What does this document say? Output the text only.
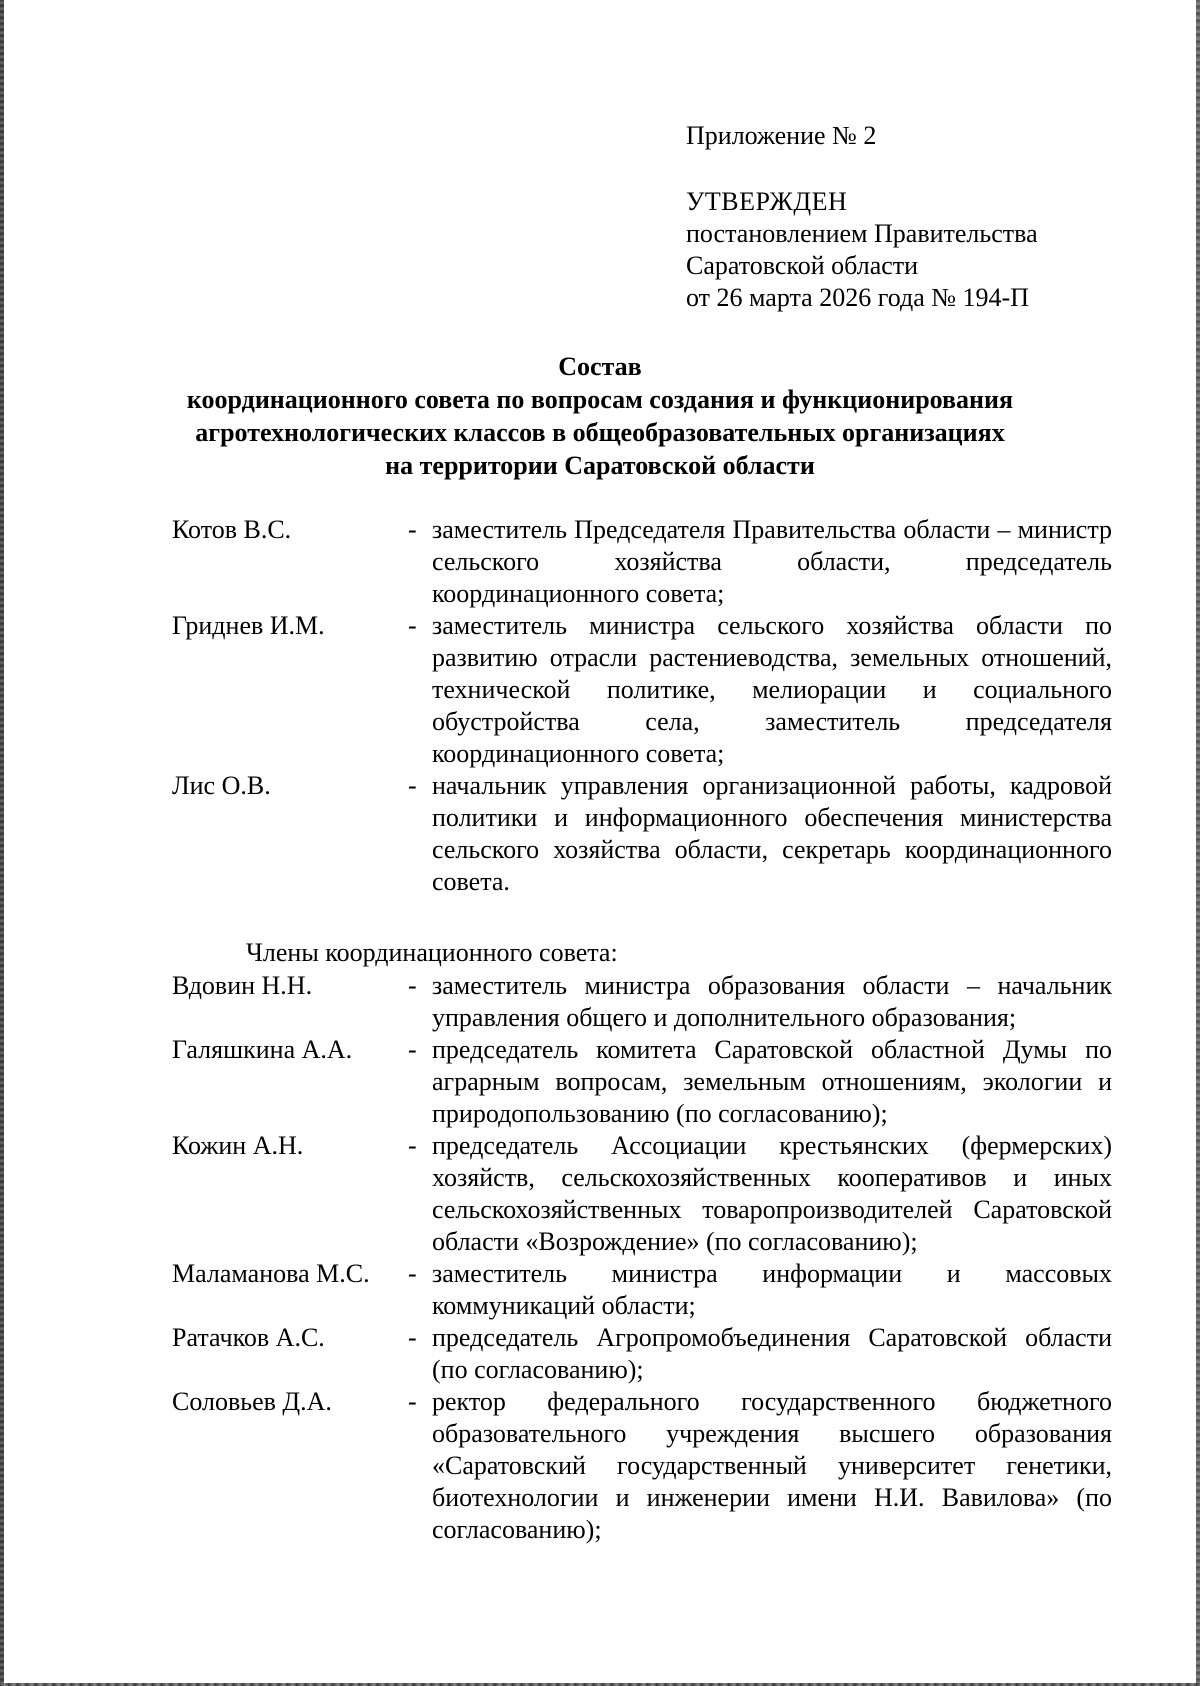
Приложение № 2
УТВЕРЖДЕН
постановлением Правительства
Саратовской области
от 26 марта 2026 года № 194-П
Состав
координационного совета по вопросам создания и функционирования
агротехнологических классов в общеобразовательных организациях
на территории Саратовской области
Котов В.С.	- заместитель Председателя Правительства области – министр сельского хозяйства области, председатель координационного совета;
Гриднев И.М.	- заместитель министра сельского хозяйства области по развитию отрасли растениеводства, земельных отношений, технической политике, мелиорации и социального обустройства села, заместитель председателя координационного совета;
Лис О.В.	- начальник управления организационной работы, кадровой политики и информационного обеспечения министерства сельского хозяйства области, секретарь координационного совета.
Члены координационного совета:
Вдовин Н.Н.	- заместитель министра образования области – начальник управления общего и дополнительного образования;
Галяшкина А.А.	- председатель комитета Саратовской областной Думы по аграрным вопросам, земельным отношениям, экологии и природопользованию (по согласованию);
Кожин А.Н.	- председатель Ассоциации крестьянских (фермерских) хозяйств, сельскохозяйственных кооперативов и иных сельскохозяйственных товаропроизводителей Саратовской области «Возрождение» (по согласованию);
Маламанова М.С.	- заместитель министра информации и массовых коммуникаций области;
Ратачков А.С.	- председатель Агропромобъединения Саратовской области (по согласованию);
Соловьев Д.А.	- ректор федерального государственного бюджетного образовательного учреждения высшего образования «Саратовский государственный университет генетики, биотехнологии и инженерии имени Н.И. Вавилова» (по согласованию);
